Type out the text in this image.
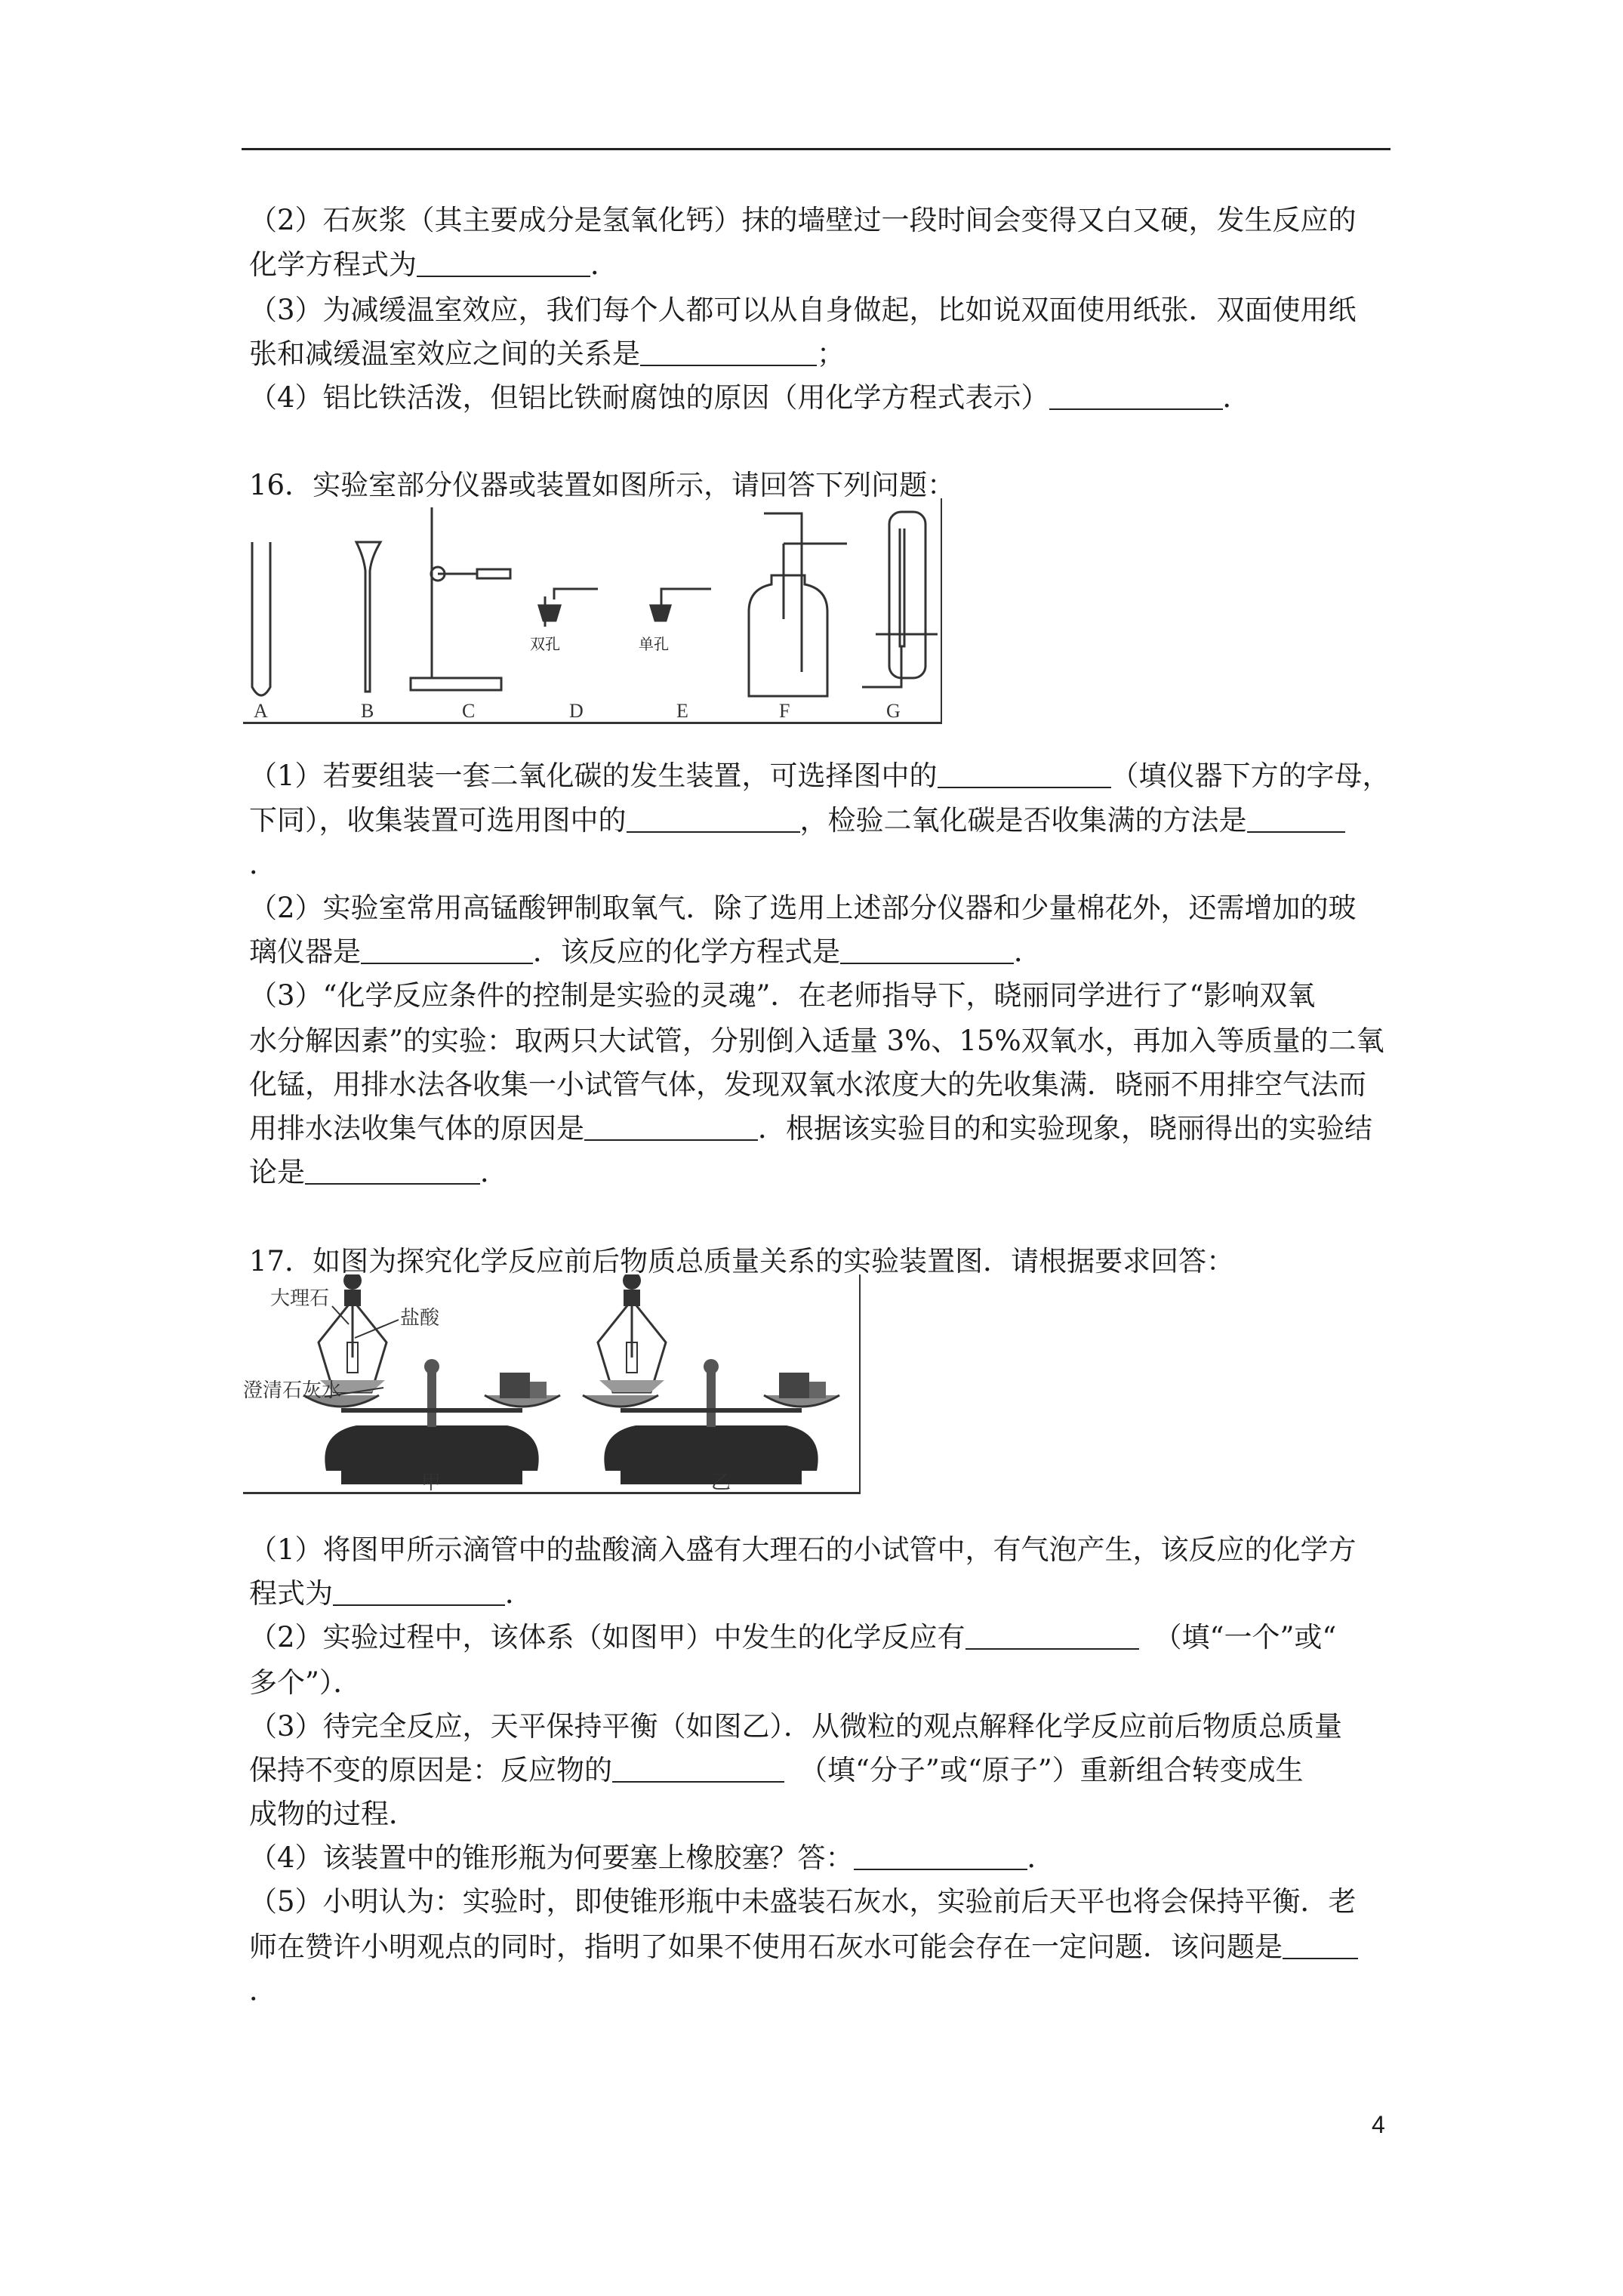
（2）石灰浆（其主要成分是氢氧化钙）抹的墙壁过一段时间会变得又白又硬，发生反应的
化学方程式为	．
（3）为减缓温室效应，我们每个人都可以从自身做起，比如说双面使用纸张．双面使用纸
张和减缓温室效应之间的关系是	；
（4）铝比铁活泼，但铝比铁耐腐蚀的原因（用化学方程式表示）	．
16．实验室部分仪器或装置如图所示，请回答下列问题：
双孔	单孔
A	B	C	D	E	F	G
（1）若要组装一套二氧化碳的发生装置，可选择图中的	（填仪器下方的字母，
下同），收集装置可选用图中的	，检验二氧化碳是否收集满的方法是
．
（2）实验室常用高锰酸钾制取氧气．除了选用上述部分仪器和少量棉花外，还需增加的玻
璃仪器是	．该反应的化学方程式是	．
（3）“化学反应条件的控制是实验的灵魂”．在老师指导下，晓丽同学进行了“影响双氧
水分解因素”的实验：取两只大试管，分别倒入适量 3%、15%双氧水，再加入等质量的二氧
化锰，用排水法各收集一小试管气体，发现双氧水浓度大的先收集满．晓丽不用排空气法而
用排水法收集气体的原因是	．根据该实验目的和实验现象，晓丽得出的实验结
论是	．
17．如图为探究化学反应前后物质总质量关系的实验装置图．请根据要求回答：
大理石
盐酸
澄清石灰水
甲	乙
（1）将图甲所示滴管中的盐酸滴入盛有大理石的小试管中，有气泡产生，该反应的化学方
程式为	．
（2）实验过程中，该体系（如图甲）中发生的化学反应有	（填“一个”或“
多个”）．
（3）待完全反应，天平保持平衡（如图乙）．从微粒的观点解释化学反应前后物质总质量
保持不变的原因是：反应物的	（填“分子”或“原子”）重新组合转变成生
成物的过程．
（4）该装置中的锥形瓶为何要塞上橡胶塞？答：	．
（5）小明认为：实验时，即使锥形瓶中未盛装石灰水，实验前后天平也将会保持平衡．老
师在赞许小明观点的同时，指明了如果不使用石灰水可能会存在一定问题．该问题是
．
4
